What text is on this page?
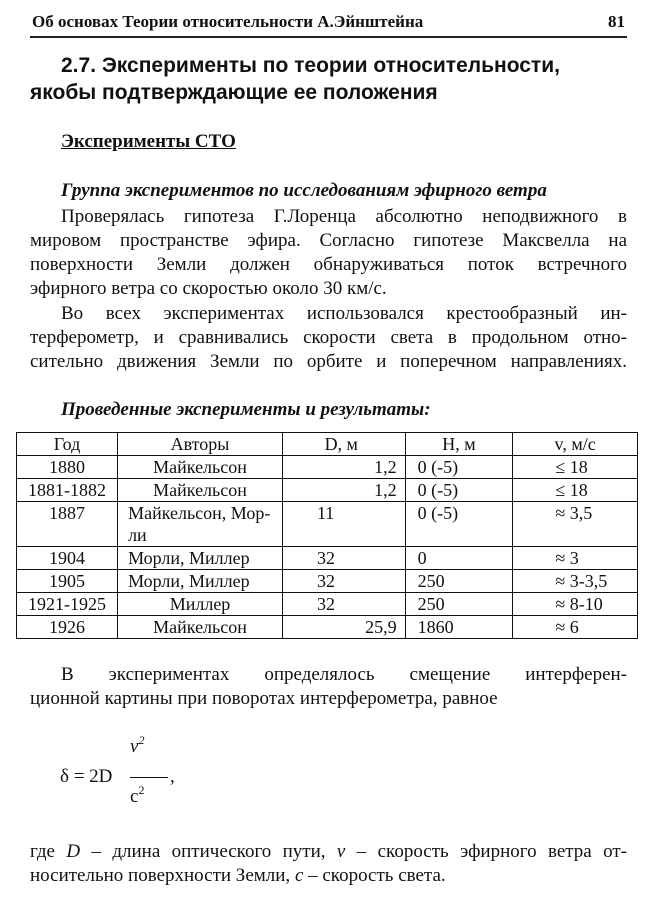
Об основах Теории относительности А.Эйнштейна	81
2.7. Эксперименты по теории относительности,
якобы подтверждающие ее положения
Эксперименты СТО
Группа экспериментов по исследованиям эфирного ветра
Проверялась гипотеза Г.Лоренца абсолютно неподвижного в
мировом пространстве эфира. Согласно гипотезе Максвелла на
поверхности Земли должен обнаруживаться поток встречного
эфирного ветра со скоростью около 30 км/с.
Во всех экспериментах использовался крестообразный ин-
терферометр, и сравнивались скорости света в продольном отно-
сительно движения Земли по орбите и поперечном направлениях.
Проведенные эксперименты и результаты:
Год	Авторы	D, м	H, м	v, м/с
1880	Майкельсон	1,2	0 (-5)	≤ 18
1881-1882	Майкельсон	1,2	0 (-5)	≤ 18
1887	Майкельсон, Мор-ли	11	0 (-5)	≈ 3,5
1904	Морли, Миллер	32	0	≈ 3
1905	Морли, Миллер	32	250	≈ 3-3,5
1921-1925	Миллер	32	250	≈ 8-10
1926	Майкельсон	25,9	1860	≈ 6
В экспериментах определялось смещение интерферен-
ционной картины при поворотах интерферометра, равное
$v^2$
δ = 2D	,
$c^2$
где D – длина оптического пути, v – скорость эфирного ветра от-
носительно поверхности Земли, c – скорость света.
